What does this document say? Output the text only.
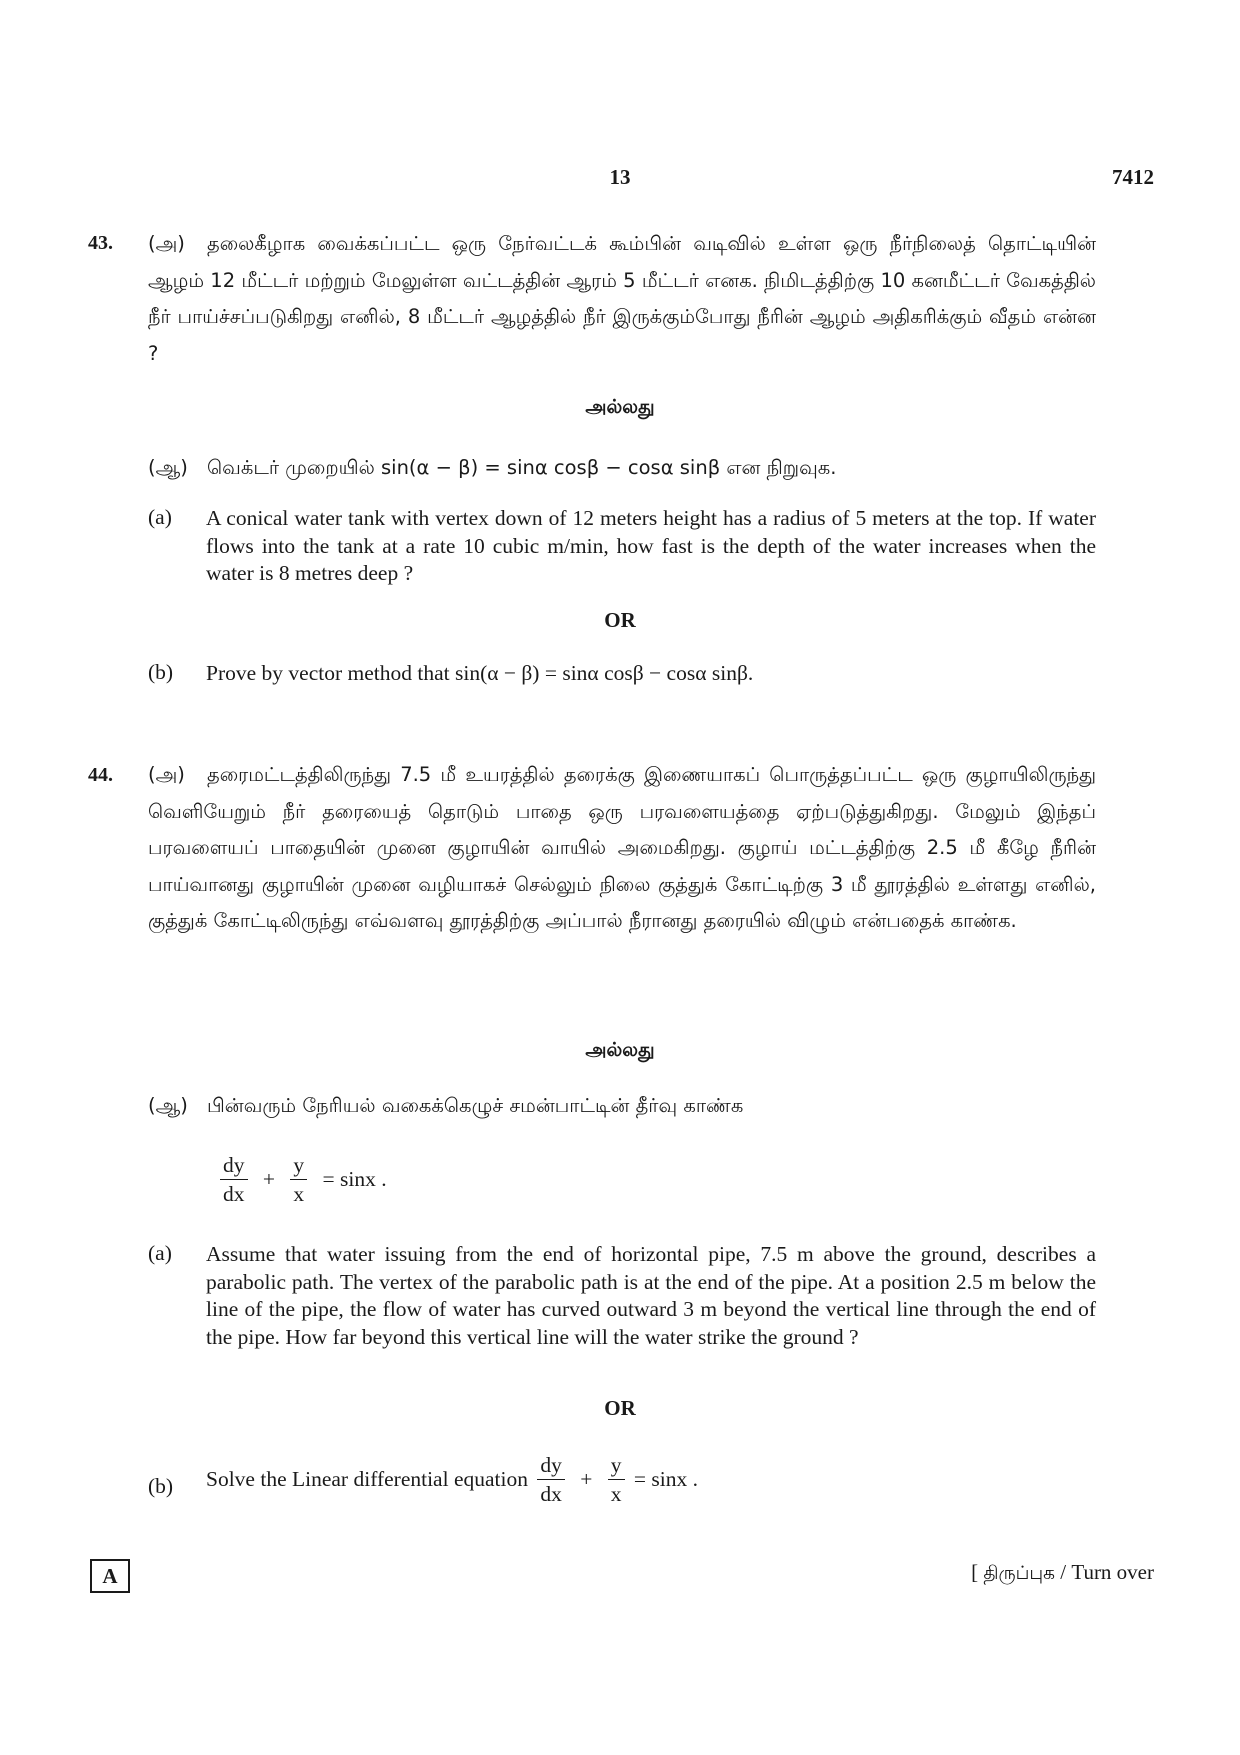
13	7412
43. (அ) தலைகீழாக வைக்கப்பட்ட ஒரு நேர்வட்டக் கூம்பின் வடிவில் உள்ள ஒரு நீர்நிலைத் தொட்டியின் ஆழம் 12 மீட்டர் மற்றும் மேலுள்ள வட்டத்தின் ஆரம் 5 மீட்டர் எனக. நிமிடத்திற்கு 10 கனமீட்டர் வேகத்தில் நீர் பாய்ச்சப்படுகிறது எனில், 8 மீட்டர் ஆழத்தில் நீர் இருக்கும்போது நீரின் ஆழம் அதிகரிக்கும் வீதம் என்ன ?
அல்லது
(ஆ) வெக்டர் முறையில் sin(α − β) = sinα cosβ − cosα sinβ என நிறுவுக.
(a) A conical water tank with vertex down of 12 meters height has a radius of 5 meters at the top. If water flows into the tank at a rate 10 cubic m/min, how fast is the depth of the water increases when the water is 8 metres deep ?
OR
(b) Prove by vector method that sin(α − β) = sinα cosβ − cosα sinβ.
44. (அ) தரைமட்டத்திலிருந்து 7.5 மீ உயரத்தில் தரைக்கு இணையாகப் பொருத்தப்பட்ட ஒரு குழாயிலிருந்து வெளியேறும் நீர் தரையைத் தொடும் பாதை ஒரு பரவளையத்தை ஏற்படுத்துகிறது. மேலும் இந்தப் பரவளையப் பாதையின் முனை குழாயின் வாயில் அமைகிறது. குழாய் மட்டத்திற்கு 2.5 மீ கீழே நீரின் பாய்வானது குழாயின் முனை வழியாகச் செல்லும் நிலை குத்துக் கோட்டிற்கு 3 மீ தூரத்தில் உள்ளது எனில், குத்துக் கோட்டிலிருந்து எவ்வளவு தூரத்திற்கு அப்பால் நீரானது தரையில் விழும் என்பதைக் காண்க.
அல்லது
(ஆ) பின்வரும் நேரியல் வகைக்கெழுச் சமன்பாட்டின் தீர்வு காண்க
$\frac{dy}{dx} + \frac{y}{x} = \sin x$ .
(a) Assume that water issuing from the end of horizontal pipe, 7.5 m above the ground, describes a parabolic path. The vertex of the parabolic path is at the end of the pipe. At a position 2.5 m below the line of the pipe, the flow of water has curved outward 3 m beyond the vertical line through the end of the pipe. How far beyond this vertical line will the water strike the ground ?
OR
(b) Solve the Linear differential equation $\frac{dy}{dx} + \frac{y}{x} = \sin x$ .
A	[ திருப்புக / Turn over
